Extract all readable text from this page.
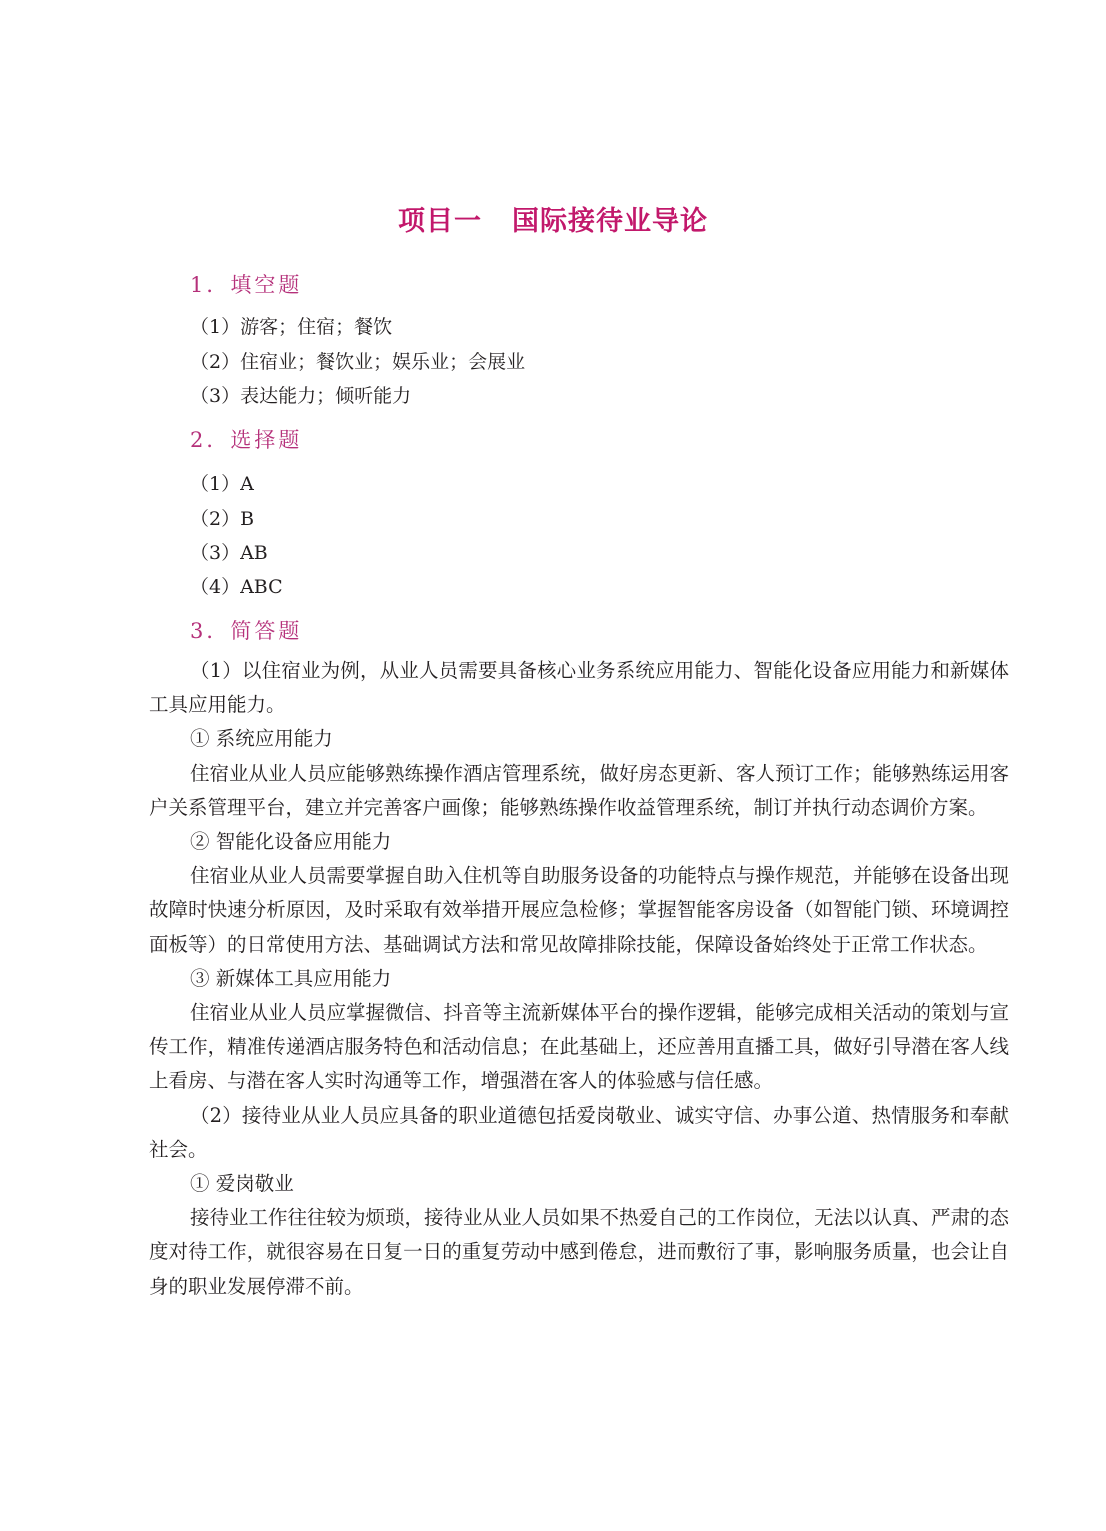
项目一 国际接待业导论
1．填空题

（1）游客；住宿；餐饮

（2）住宿业；餐饮业；娱乐业；会展业

（3）表达能力；倾听能力

2．选择题

（1）A

（2）B

（3）AB

（4）ABC

3．简答题

（1）以住宿业为例，从业人员需要具备核心业务系统应用能力、智能化设备应用能力和新媒体工具应用能力。

① 系统应用能力

住宿业从业人员应能够熟练操作酒店管理系统，做好房态更新、客人预订工作；能够熟练运用客户关系管理平台，建立并完善客户画像；能够熟练操作收益管理系统，制订并执行动态调价方案。

② 智能化设备应用能力

住宿业从业人员需要掌握自助入住机等自助服务设备的功能特点与操作规范，并能够在设备出现故障时快速分析原因，及时采取有效举措开展应急检修；掌握智能客房设备（如智能门锁、环境调控面板等）的日常使用方法、基础调试方法和常见故障排除技能，保障设备始终处于正常工作状态。

③ 新媒体工具应用能力

住宿业从业人员应掌握微信、抖音等主流新媒体平台的操作逻辑，能够完成相关活动的策划与宣传工作，精准传递酒店服务特色和活动信息；在此基础上，还应善用直播工具，做好引导潜在客人线上看房、与潜在客人实时沟通等工作，增强潜在客人的体验感与信任感。

（2）接待业从业人员应具备的职业道德包括爱岗敬业、诚实守信、办事公道、热情服务和奉献社会。

① 爱岗敬业

接待业工作往往较为烦琐，接待业从业人员如果不热爱自己的工作岗位，无法以认真、严肃的态度对待工作，就很容易在日复一日的重复劳动中感到倦怠，进而敷衍了事，影响服务质量，也会让自身的职业发展停滞不前。
